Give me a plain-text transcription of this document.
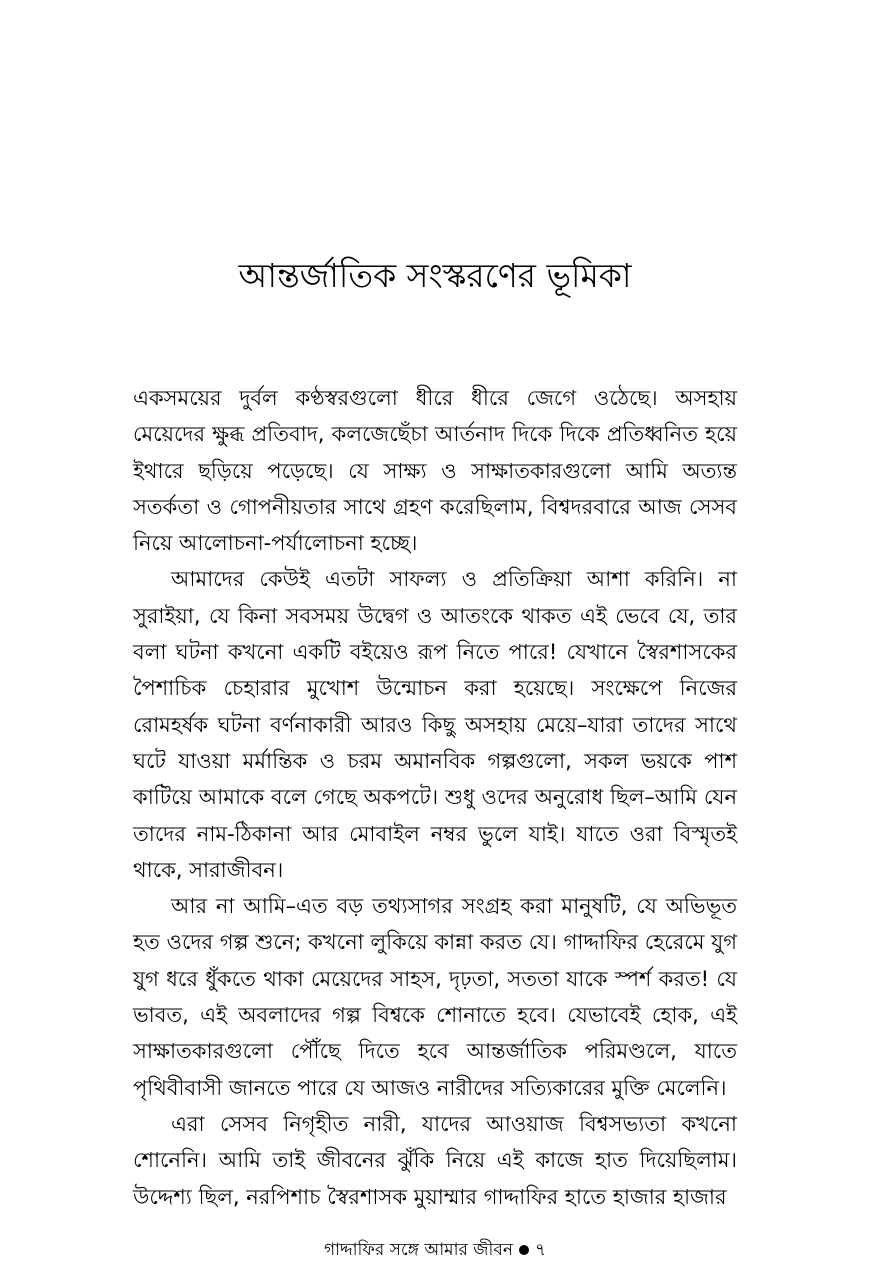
আন্তর্জাতিক সংস্করণের ভূমিকা

একসময়ের দুর্বল কণ্ঠস্বরগুলো ধীরে ধীরে জেগে ওঠেছে। অসহায় মেয়েদের ক্ষুব্ধ প্রতিবাদ, কলজেছেঁচা আর্তনাদ দিকে দিকে প্রতিধ্বনিত হয়ে ইথারে ছড়িয়ে পড়েছে। যে সাক্ষ্য ও সাক্ষাতকারগুলো আমি অত্যন্ত সতর্কতা ও গোপনীয়তার সাথে গ্রহণ করেছিলাম, বিশ্বদরবারে আজ সেসব নিয়ে আলোচনা-পর্যালোচনা হচ্ছে।

আমাদের কেউই এতটা সাফল্য ও প্রতিক্রিয়া আশা করিনি। না সুরাইয়া, যে কিনা সবসময় উদ্বেগ ও আতংকে থাকত এই ভেবে যে, তার বলা ঘটনা কখনো একটি বইয়েও রূপ নিতে পারে! যেখানে স্বৈরশাসকের পৈশাচিক চেহারার মুখোশ উন্মোচন করা হয়েছে। সংক্ষেপে নিজের রোমহর্ষক ঘটনা বর্ণনাকারী আরও কিছু অসহায় মেয়ে–যারা তাদের সাথে ঘটে যাওয়া মর্মান্তিক ও চরম অমানবিক গল্পগুলো, সকল ভয়কে পাশ কাটিয়ে আমাকে বলে গেছে অকপটে। শুধু ওদের অনুরোধ ছিল–আমি যেন তাদের নাম-ঠিকানা আর মোবাইল নম্বর ভুলে যাই। যাতে ওরা বিস্মৃতই থাকে, সারাজীবন।

আর না আমি–এত বড় তথ্যসাগর সংগ্রহ করা মানুষটি, যে অভিভূত হত ওদের গল্প শুনে; কখনো লুকিয়ে কান্না করত যে। গাদ্দাফির হেরেমে যুগ যুগ ধরে ধুঁকতে থাকা মেয়েদের সাহস, দৃঢ়তা, সততা যাকে স্পর্শ করত! যে ভাবত, এই অবলাদের গল্প বিশ্বকে শোনাতে হবে। যেভাবেই হোক, এই সাক্ষাতকারগুলো পৌঁছে দিতে হবে আন্তর্জাতিক পরিমণ্ডলে, যাতে পৃথিবীবাসী জানতে পারে যে আজও নারীদের সত্যিকারের মুক্তি মেলেনি।

এরা সেসব নিগৃহীত নারী, যাদের আওয়াজ বিশ্বসভ্যতা কখনো শোনেনি। আমি তাই জীবনের ঝুঁকি নিয়ে এই কাজে হাত দিয়েছিলাম। উদ্দেশ্য ছিল, নরপিশাচ স্বৈরশাসক মুয়াম্মার গাদ্দাফির হাতে হাজার হাজার

গাদ্দাফির সঙ্গে আমার জীবন ৭
